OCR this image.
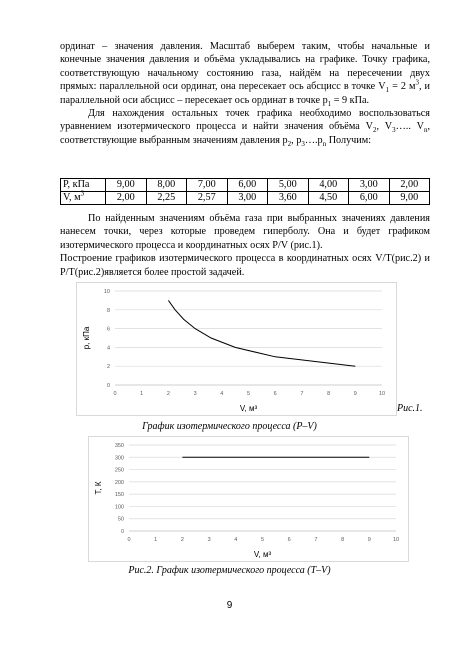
ординат – значения давления. Масштаб выберем таким, чтобы начальные и конечные значения давления и объёма укладывались на графике. Точку графика, соответствующую начальному состоянию газа, найдём на пересечении двух прямых: параллельной оси ординат, она пересекает ось абсцисс в точке $V_1 = 2$ $м^3$, и параллельной оси абсцисс – пересекает ось ординат в точке $p_1 = 9$ кПа.

Для нахождения остальных точек графика необходимо воспользоваться уравнением изотермического процесса и найти значения объёма $V_2$, $V_3\dots$.. $V_n$, соответствующие выбранным значениям давления $p_2$, $p_3\dots.p_n$ Получим:

P, кПа	9,00	8,00	7,00	6,00	5,00	4,00	3,00	2,00
V, $м^3$	2,00	2,25	2,57	3,00	3,60	4,50	6,00	9,00

По найденным значениям объёма газа при выбранных значениях давления нанесем точки, через которые проведем гиперболу. Она и будет графиком изотермического процесса и координатных осях P/V (рис.1).

Построение графиков изотермического процесса в координатных осях V/T(рис.2) и P/T(рис.2)является более простой задачей.

0
2
4
6
8
10
0	1	2	3	4	5	6	7	8	9	10
V, м³
p, кПа
Рис.1.
График изотермического процесса (P–V)
0
50
100
150
200
250
300
350
0	1	2	3	4	5	6	7	8	9	10
V, м³
T, К
Рис.2. График изотермического процесса (T–V)
9
